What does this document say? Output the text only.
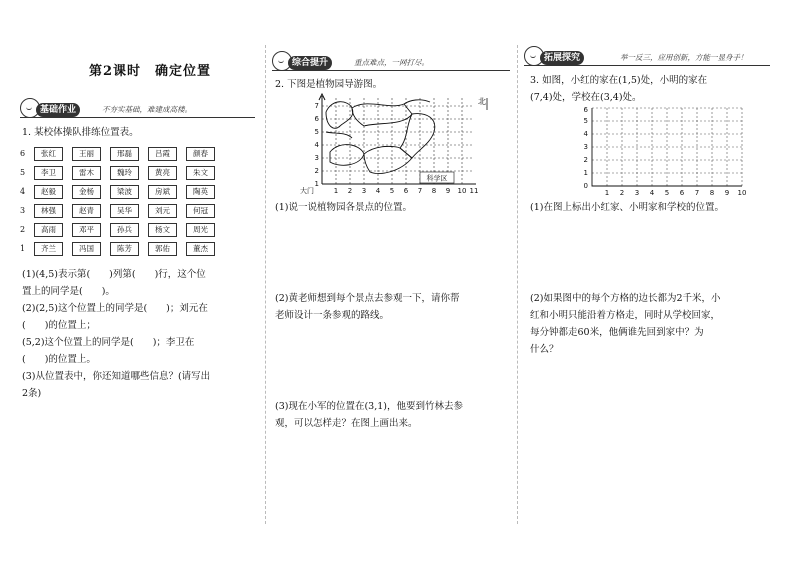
第2课时　确定位置
基础作业	不夯实基础，难建成高楼。
1. 某校体操队排练位置表。
6	张红	王丽	邢磊	吕霞	颜春
5	李卫	雷木	魏玲	黄亮	朱文
4	赵毅	金杨	梁波	房斌	陶英
3	林强	赵青	吴华	刘元	何冠
2	高雨	邓平	孙兵	杨文	周光
1	齐兰	冯国	陈芳	郭佑	董杰
(1)(4,5)表示第(　　)列第(　　)行，这个位
置上的同学是(　　)。
(2)(2,5)这个位置上的同学是(　　)；刘元在
(　　)的位置上；
(5,2)这个位置上的同学是(　　)；李卫在
(　　)的位置上。
(3)从位置表中，你还知道哪些信息？(请写出
2条)
综合提升	重点难点，一网打尽。
2. 下图是植物园导游图。
科学区
1
2
3
4
5
6
7
1 2 3 4 5 6 7 8 9 10 11
大门
北
(1)说一说植物园各景点的位置。
(2)黄老师想到每个景点去参观一下，请你帮
老师设计一条参观的路线。
(3)现在小军的位置在(3,1)，他要到竹林去参
观，可以怎样走？在图上画出来。
拓展探究	举一反三，应用创新，方能一显身手！
3. 如图，小红的家在(1,5)处，小明的家在
(7,4)处，学校在(3,4)处。
0
1
2
3
4
5
6
1 2 3 4 5 6 7 8 9 10
(1)在图上标出小红家、小明家和学校的位置。
(2)如果图中的每个方格的边长都为2千米，小
红和小明只能沿着方格走，同时从学校回家，
每分钟都走60米，他俩谁先回到家中？为
什么？
